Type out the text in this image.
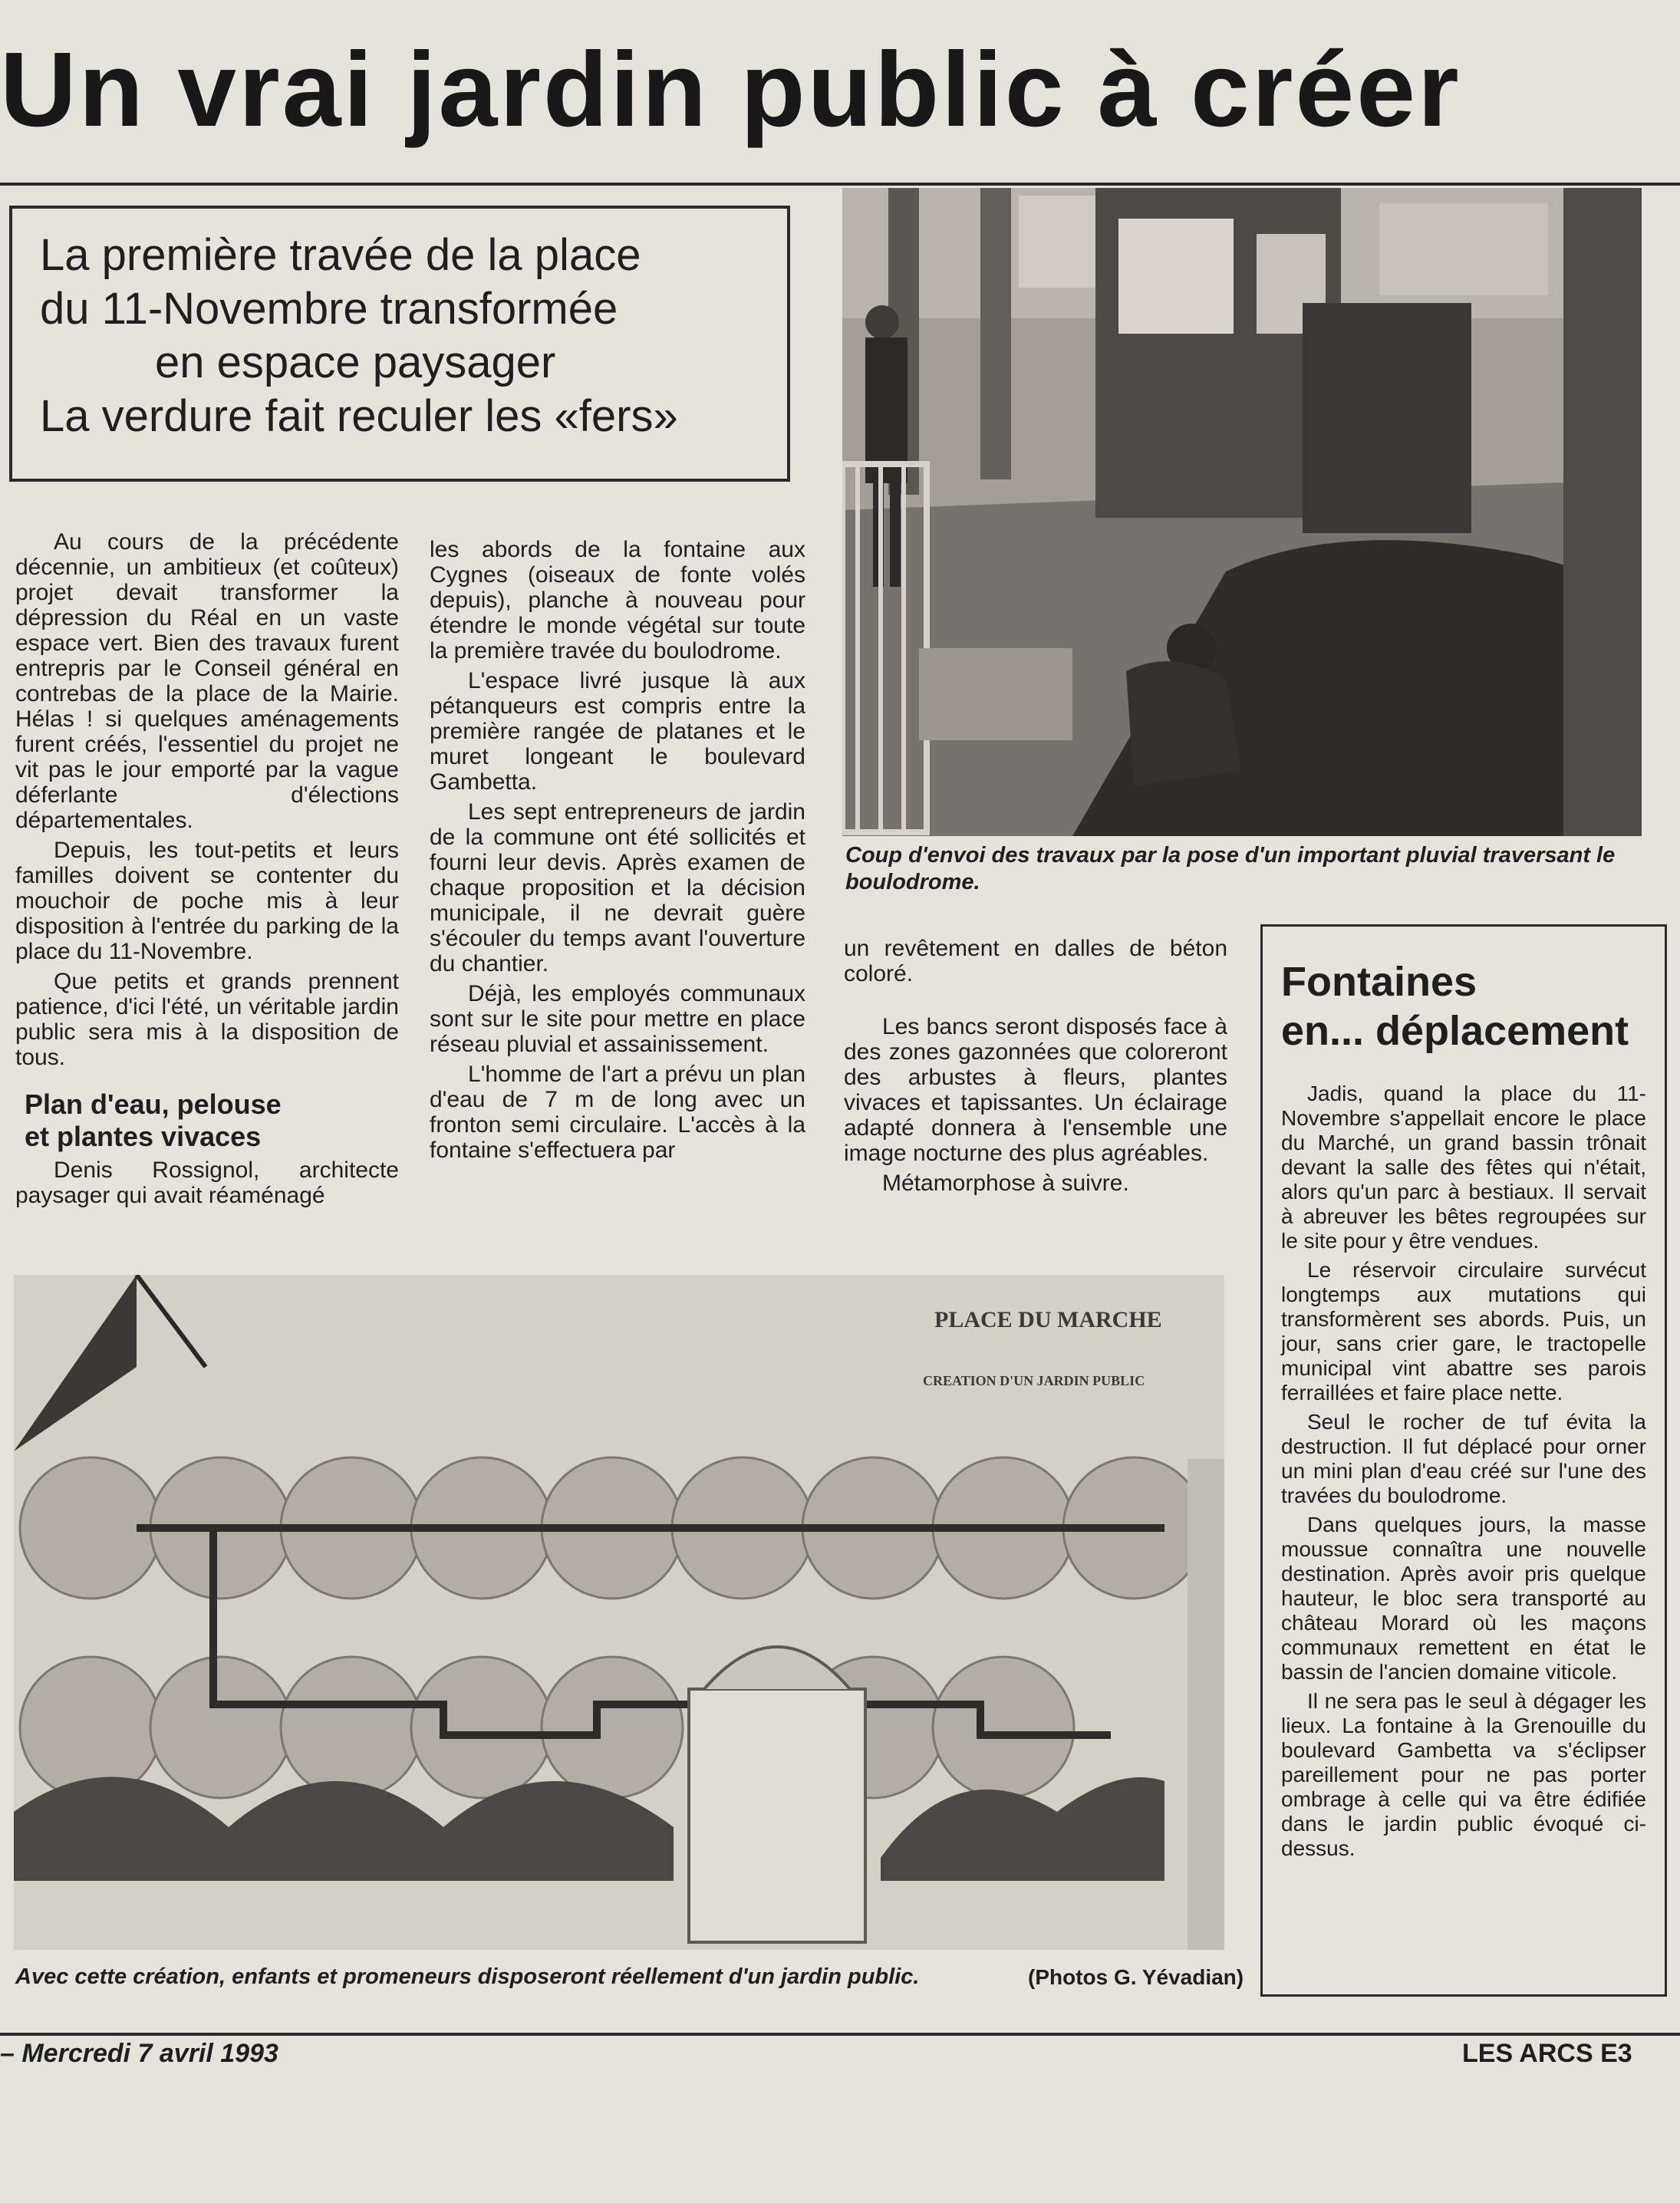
Un vrai jardin public à créer
La première travée de la place
du 11-Novembre transformée
en espace paysager
La verdure fait reculer les «fers»

Au cours de la précédente décennie, un ambitieux (et coûteux) projet devait transformer la dépression du Réal en un vaste espace vert. Bien des travaux furent entrepris par le Conseil général en contrebas de la place de la Mairie. Hélas ! si quelques aménagements furent créés, l'essentiel du projet ne vit pas le jour emporté par la vague déferlante d'élections départementales.

Depuis, les tout-petits et leurs familles doivent se contenter du mouchoir de poche mis à leur disposition à l'entrée du parking de la place du 11-Novembre.

Que petits et grands prennent patience, d'ici l'été, un véritable jardin public sera mis à la disposition de tous.

Plan d'eau, pelouse
et plantes vivaces

Denis Rossignol, architecte paysager qui avait réaménagé

les abords de la fontaine aux Cygnes (oiseaux de fonte volés depuis), planche à nouveau pour étendre le monde végétal sur toute la première travée du boulodrome.

L'espace livré jusque là aux pétanqueurs est compris entre la première rangée de platanes et le muret longeant le boulevard Gambetta.

Les sept entrepreneurs de jardin de la commune ont été sollicités et fourni leur devis. Après examen de chaque proposition et la décision municipale, il ne devrait guère s'écouler du temps avant l'ouverture du chantier.

Déjà, les employés communaux sont sur le site pour mettre en place réseau pluvial et assainissement.

L'homme de l'art a prévu un plan d'eau de 7 m de long avec un fronton semi circulaire. L'accès à la fontaine s'effectuera par

Coup d'envoi des travaux par la pose d'un important pluvial traversant le boulodrome.

un revêtement en dalles de béton coloré.

Les bancs seront disposés face à des zones gazonnées que coloreront des arbustes à fleurs, plantes vivaces et tapissantes. Un éclairage adapté donnera à l'ensemble une image nocturne des plus agréables.

Métamorphose à suivre.

Fontaines
en... déplacement

Jadis, quand la place du 11-Novembre s'appellait encore le place du Marché, un grand bassin trônait devant la salle des fêtes qui n'était, alors qu'un parc à bestiaux. Il servait à abreuver les bêtes regroupées sur le site pour y être vendues.

Le réservoir circulaire survécut longtemps aux mutations qui transformèrent ses abords. Puis, un jour, sans crier gare, le tractopelle municipal vint abattre ses parois ferraillées et faire place nette.

Seul le rocher de tuf évita la destruction. Il fut déplacé pour orner un mini plan d'eau créé sur l'une des travées du boulodrome.

Dans quelques jours, la masse moussue connaîtra une nouvelle destination. Après avoir pris quelque hauteur, le bloc sera transporté au château Morard où les maçons communaux remettent en état le bassin de l'ancien domaine viticole.

Il ne sera pas le seul à dégager les lieux. La fontaine à la Grenouille du boulevard Gambetta va s'éclipser pareillement pour ne pas porter ombrage à celle qui va être édifiée dans le jardin public évoqué ci-dessus.

PLACE DU MARCHE
CREATION D'UN JARDIN PUBLIC
Avec cette création, enfants et promeneurs disposeront réellement d'un jardin public.	(Photos G. Yévadian)
– Mercredi 7 avril 1993	LES ARCS E3
